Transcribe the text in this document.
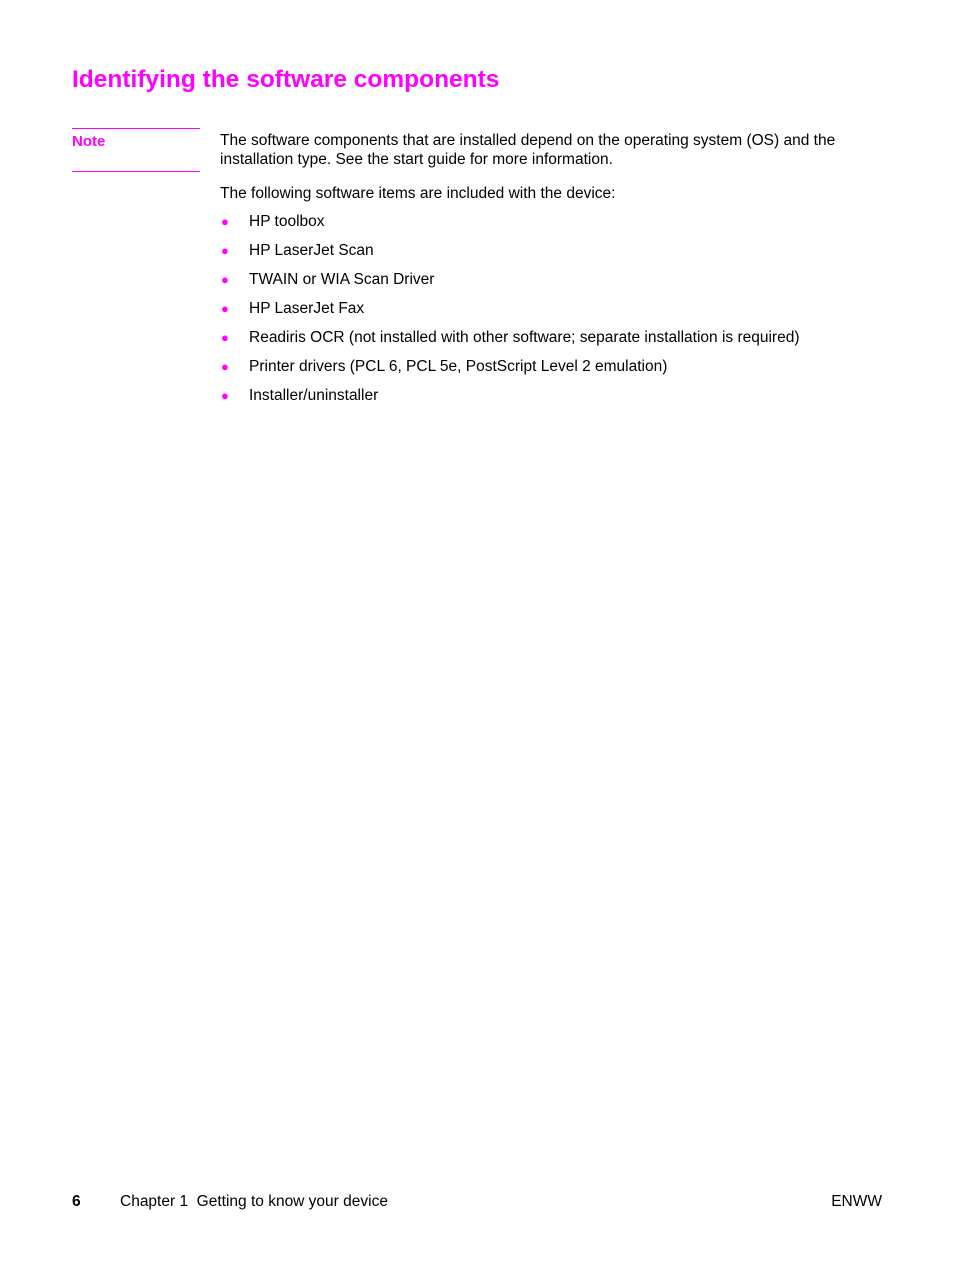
Identifying the software components
Note	The software components that are installed depend on the operating system (OS) and the installation type. See the start guide for more information.

The following software items are included with the device:

● HP toolbox
● HP LaserJet Scan
● TWAIN or WIA Scan Driver
● HP LaserJet Fax
● Readiris OCR (not installed with other software; separate installation is required)
● Printer drivers (PCL 6, PCL 5e, PostScript Level 2 emulation)
● Installer/uninstaller
6	Chapter 1  Getting to know your device	ENWW
